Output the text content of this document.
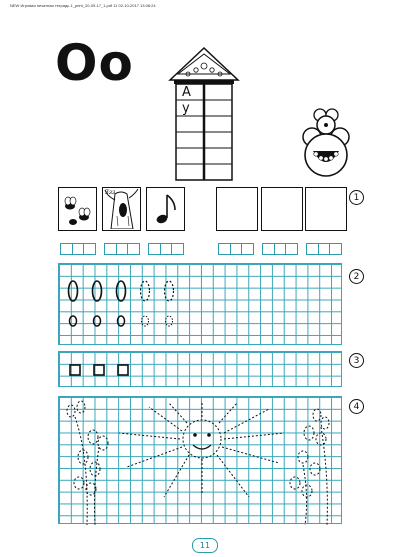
NEW Игровая печатная тетрадь 1_print_20-09-17_1.pdf 11 02-10-2017 13:08:24
Оо
А
у
1
2
3
4
Ззз
11
